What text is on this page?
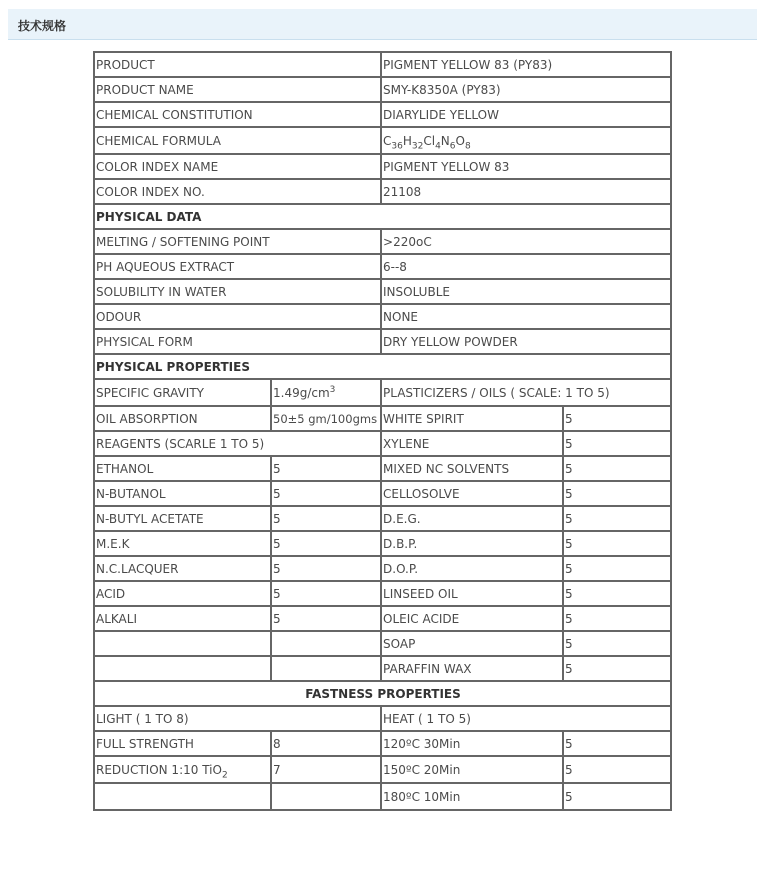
技术规格
PRODUCT		PIGMENT YELLOW 83 (PY83)	
PRODUCT NAME		SMY-K8350A (PY83)	
CHEMICAL CONSTITUTION		DIARYLIDE YELLOW	
CHEMICAL FORMULA		$C_{36}H_{32}Cl_4N_6O_8$
COLOR INDEX NAME		PIGMENT YELLOW 83	
COLOR INDEX NO.		21108	
PHYSICAL DATA			
MELTING / SOFTENING POINT		>220oC	
PH AQUEOUS EXTRACT		6--8	
SOLUBILITY IN WATER		INSOLUBLE	
ODOUR		NONE	
PHYSICAL FORM		DRY YELLOW POWDER	
PHYSICAL PROPERTIES			
SPECIFIC GRAVITY	$1.49g/cm^3$	PLASTICIZERS / OILS ( SCALE: 1 TO 5)	
OIL ABSORPTION	50±5 gm/100gms	WHITE SPIRIT	5
REAGENTS (SCARLE 1 TO 5)		XYLENE	5
ETHANOL	5	MIXED NC SOLVENTS	5
N-BUTANOL	5	CELLOSOLVE	5
N-BUTYL ACETATE	5	D.E.G.	5
M.E.K	5	D.B.P.	5
N.C.LACQUER	5	D.O.P.	5
ACID	5	LINSEED OIL	5
ALKALI	5	OLEIC ACIDE	5
		SOAP	5
		PARAFFIN WAX	5
FASTNESS PROPERTIES			
LIGHT ( 1 TO 8)		HEAT ( 1 TO 5)	
FULL STRENGTH	8	120ºC 30Min	5
REDUCTION 1:10 TiO$_2$	7	150ºC 20Min	5
		180ºC 10Min	5
